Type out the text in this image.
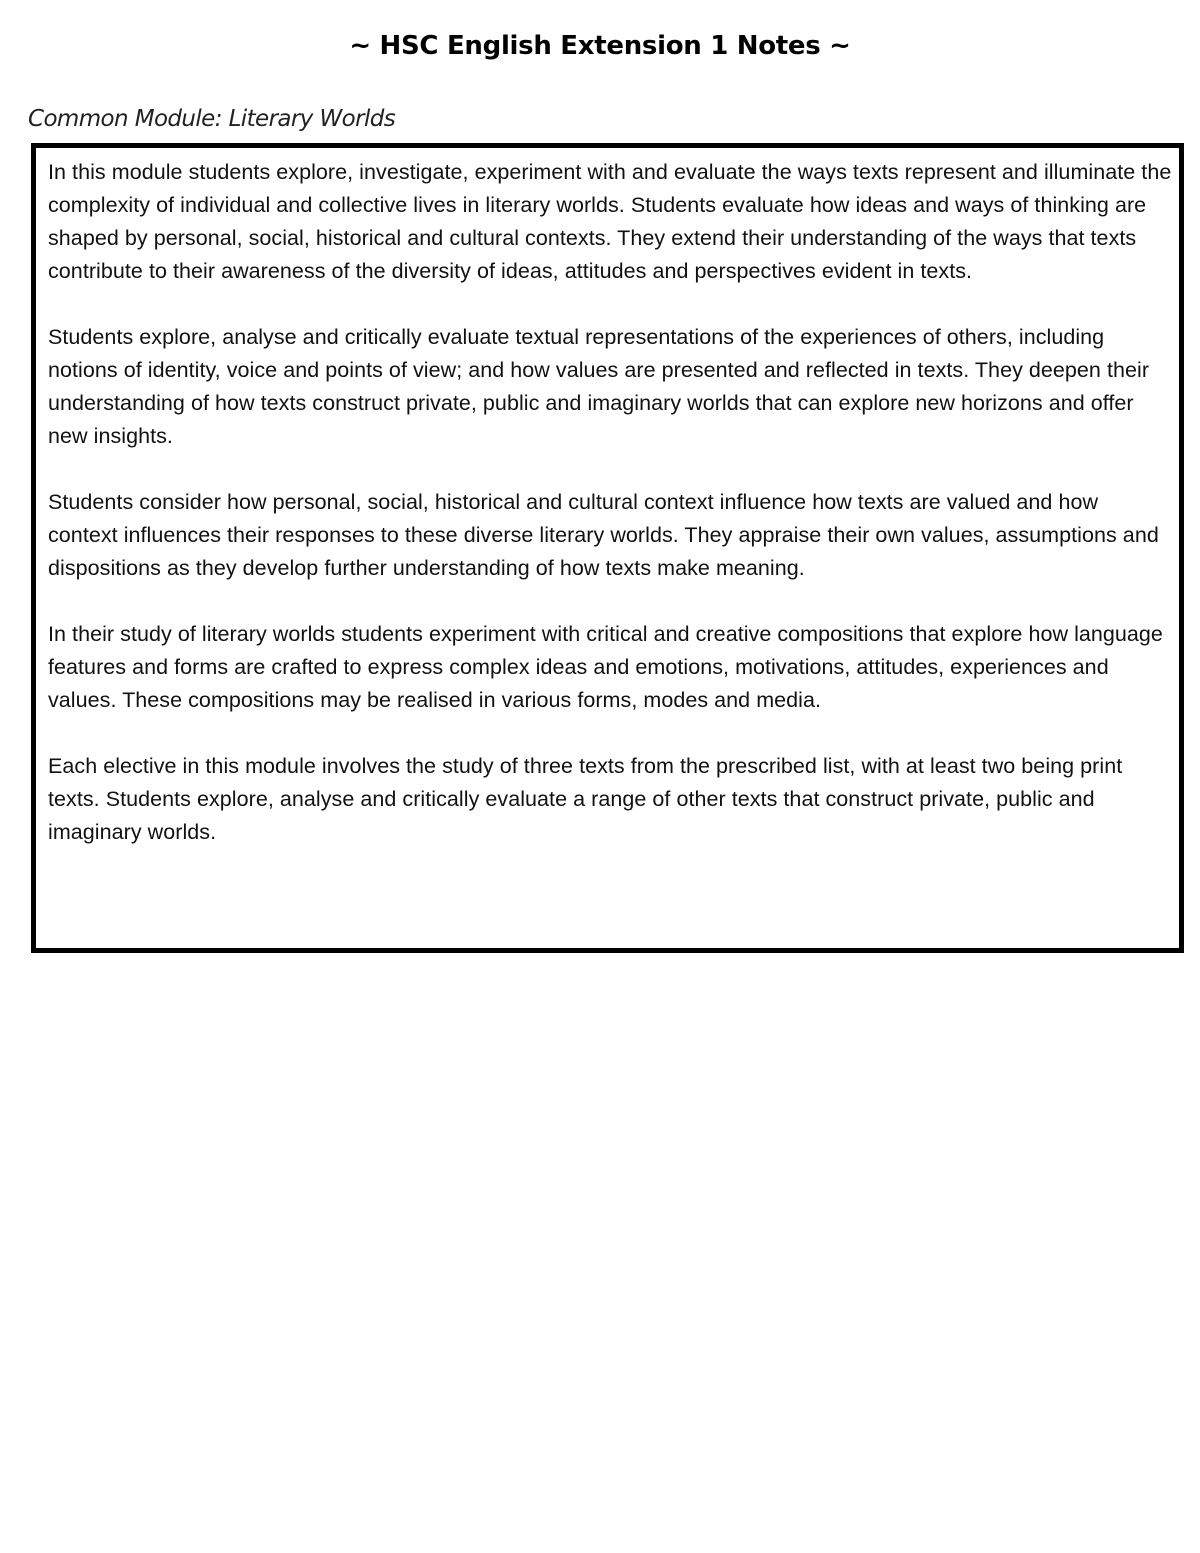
~ HSC English Extension 1 Notes ~
Common Module: Literary Worlds

In this module students explore, investigate, experiment with and evaluate the ways texts represent and illuminate the complexity of individual and collective lives in literary worlds. Students evaluate how ideas and ways of thinking are shaped by personal, social, historical and cultural contexts. They extend their understanding of the ways that texts contribute to their awareness of the diversity of ideas, attitudes and perspectives evident in texts.

Students explore, analyse and critically evaluate textual representations of the experiences of others, including notions of identity, voice and points of view; and how values are presented and reflected in texts. They deepen their understanding of how texts construct private, public and imaginary worlds that can explore new horizons and offer new insights.

Students consider how personal, social, historical and cultural context influence how texts are valued and how context influences their responses to these diverse literary worlds. They appraise their own values, assumptions and dispositions as they develop further understanding of how texts make meaning.

In their study of literary worlds students experiment with critical and creative compositions that explore how language features and forms are crafted to express complex ideas and emotions, motivations, attitudes, experiences and values. These compositions may be realised in various forms, modes and media.

Each elective in this module involves the study of three texts from the prescribed list, with at least two being print texts. Students explore, analyse and critically evaluate a range of other texts that construct private, public and imaginary worlds.
